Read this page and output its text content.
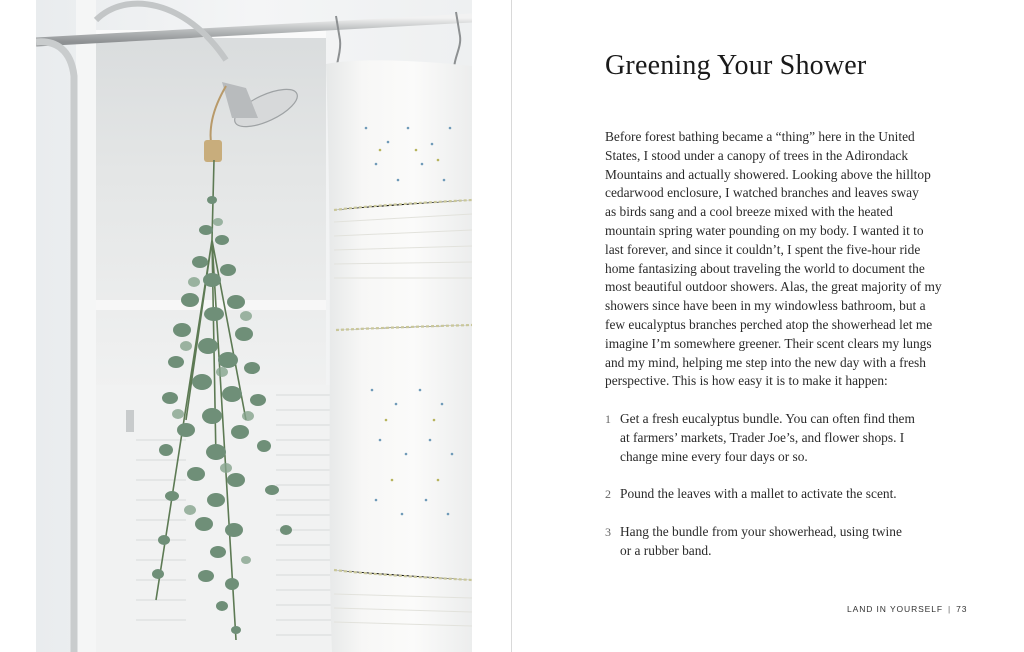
Greening Your Shower

Before forest bathing became a “thing” here in the United
States, I stood under a canopy of trees in the Adirondack
Mountains and actually showered. Looking above the hilltop
cedarwood enclosure, I watched branches and leaves sway
as birds sang and a cool breeze mixed with the heated
mountain spring water pounding on my body. I wanted it to
last forever, and since it couldn’t, I spent the five-hour ride
home fantasizing about traveling the world to document the
most beautiful outdoor showers. Alas, the great majority of my
showers since have been in my windowless bathroom, but a
few eucalyptus branches perched atop the showerhead let me
imagine I’m somewhere greener. Their scent clears my lungs
and my mind, helping me step into the new day with a fresh
perspective. This is how easy it is to make it happen:

1 Get a fresh eucalyptus bundle. You can often find them
at farmers’ markets, Trader Joe’s, and flower shops. I
change mine every four days or so.
2 Pound the leaves with a mallet to activate the scent.
3 Hang the bundle from your showerhead, using twine
or a rubber band.
LAND IN YOURSELF | 73
